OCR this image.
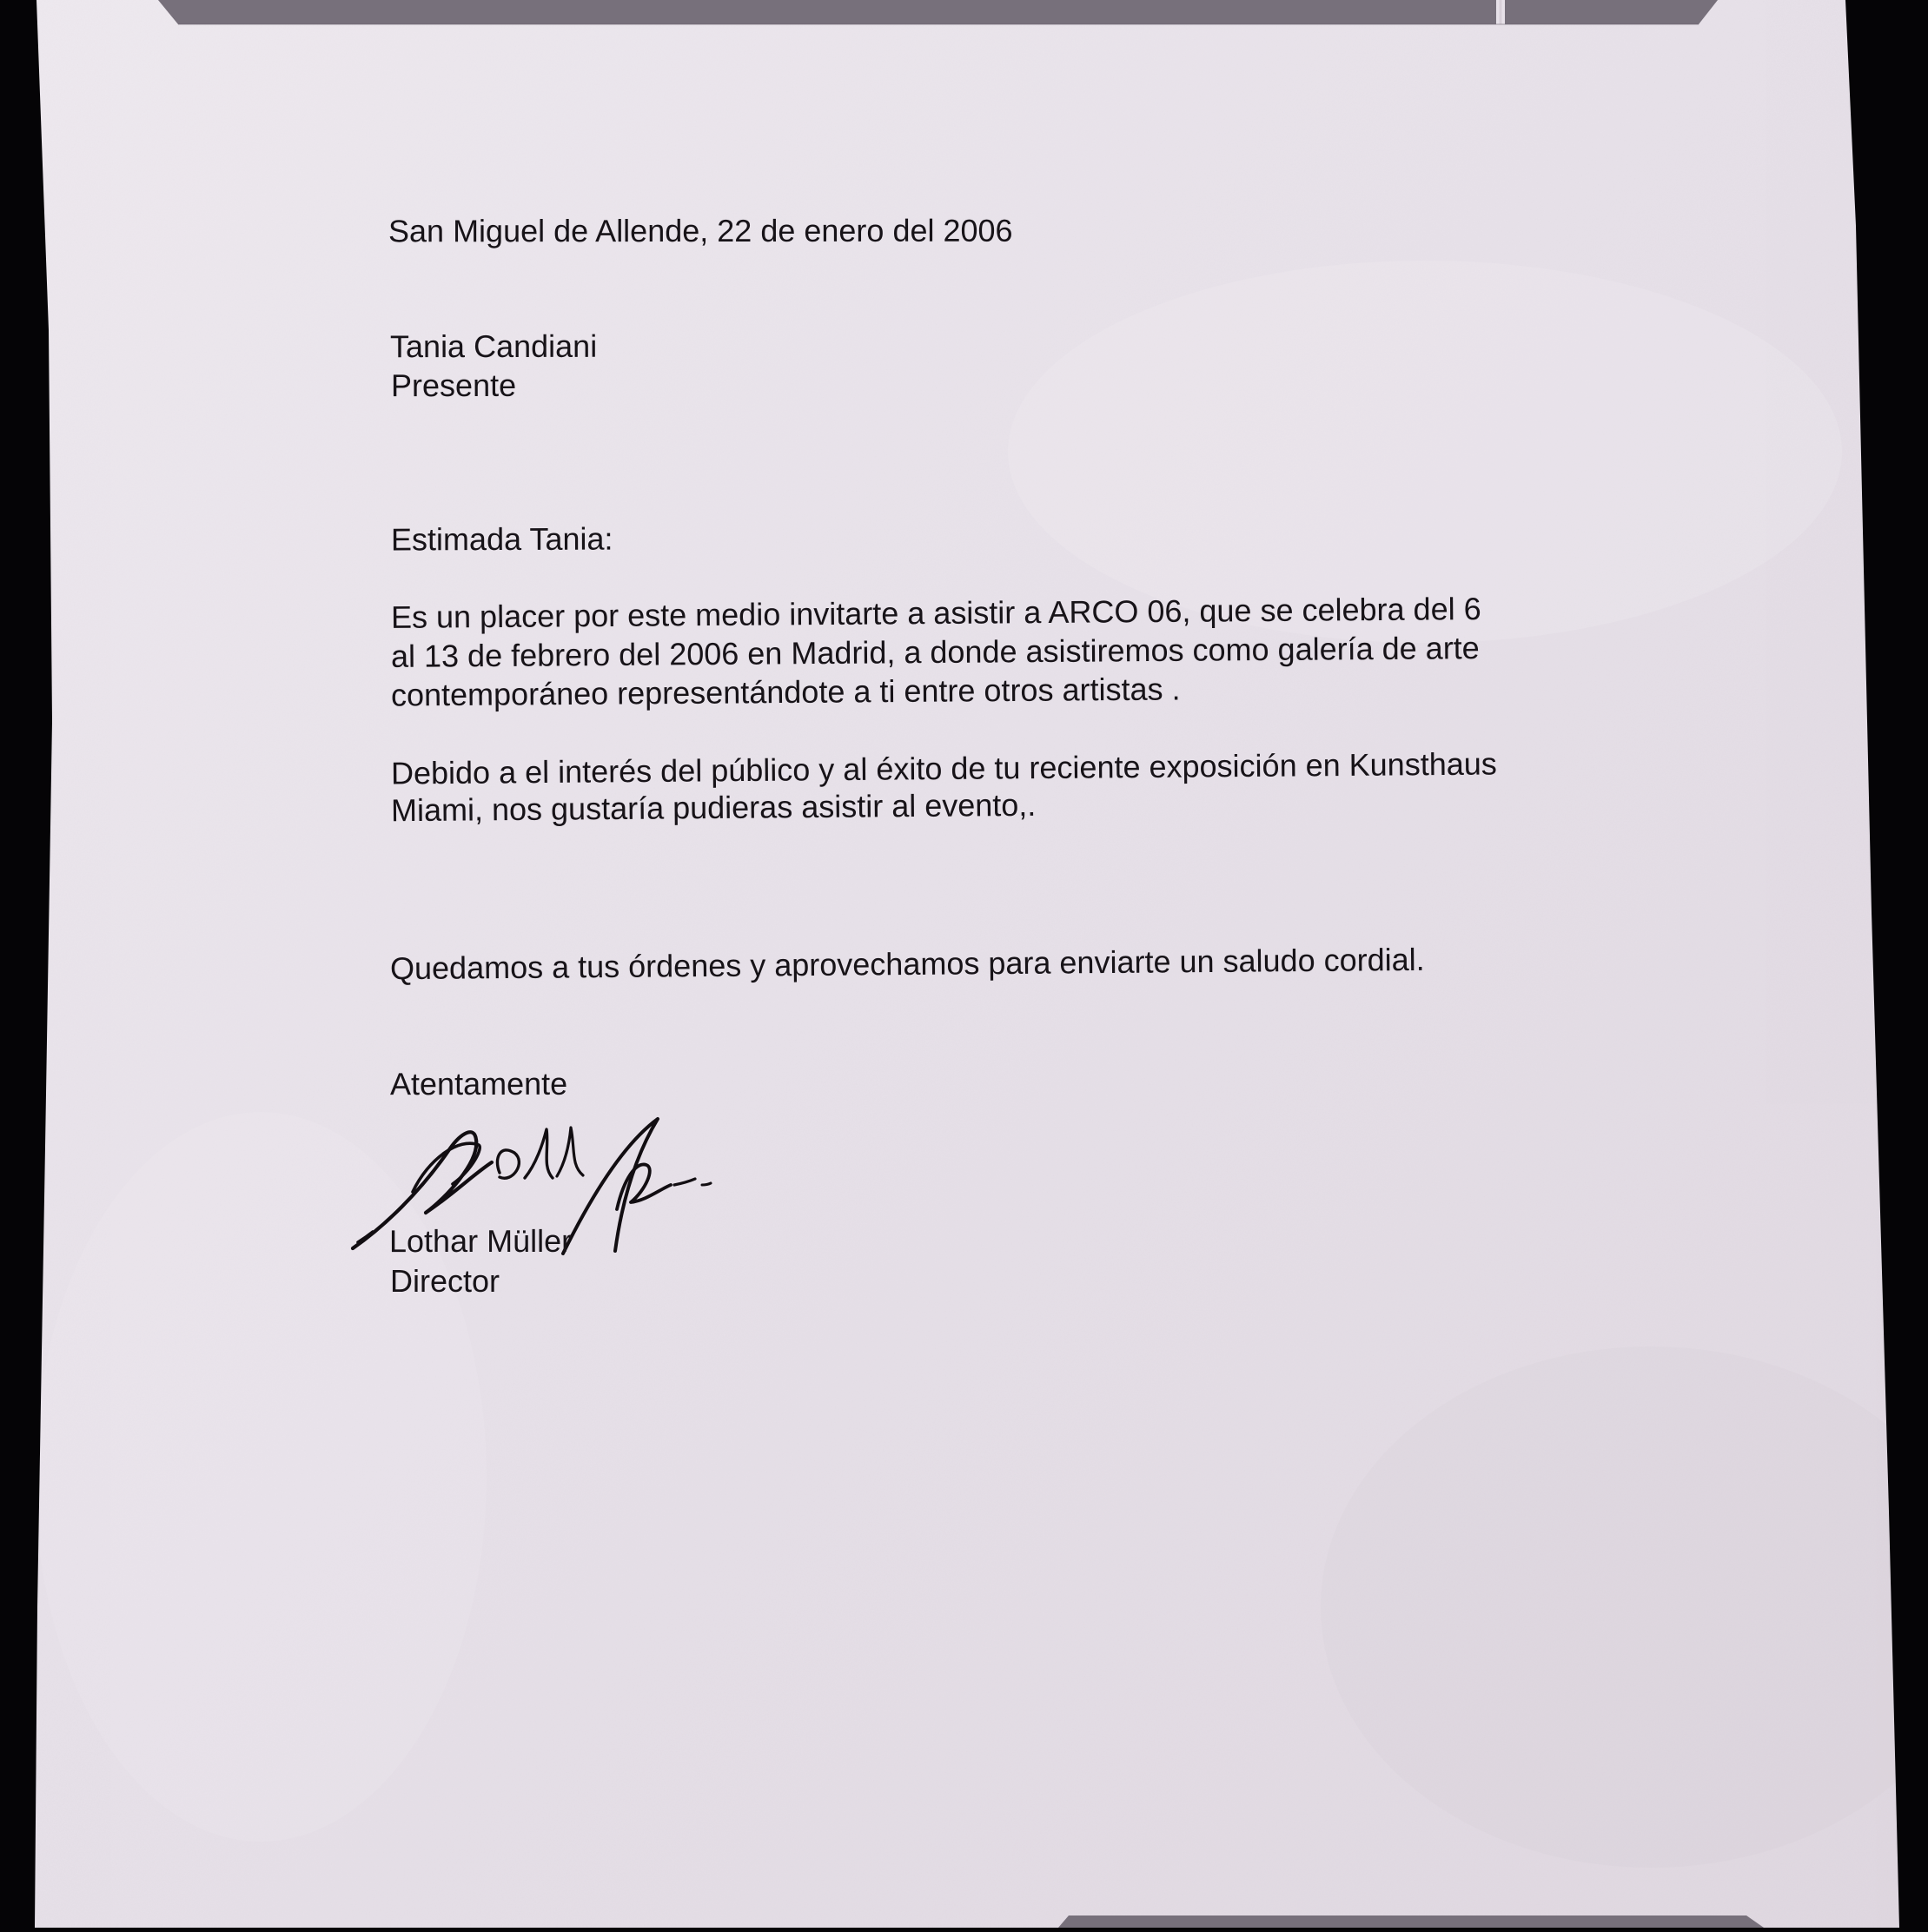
San Miguel de Allende, 22 de enero del 2006
Tania Candiani
Presente
Estimada Tania:
Es un placer por este medio invitarte a asistir a ARCO 06, que se celebra del 6
al 13 de febrero del 2006 en Madrid, a donde asistiremos como galería de arte
contemporáneo representándote a ti entre otros artistas .
Debido a el interés del público y al éxito de tu reciente exposición en Kunsthaus
Miami, nos gustaría pudieras asistir al evento,.
Quedamos a tus órdenes y aprovechamos para enviarte un saludo cordial.
Atentamente
Lothar Müller
Director
